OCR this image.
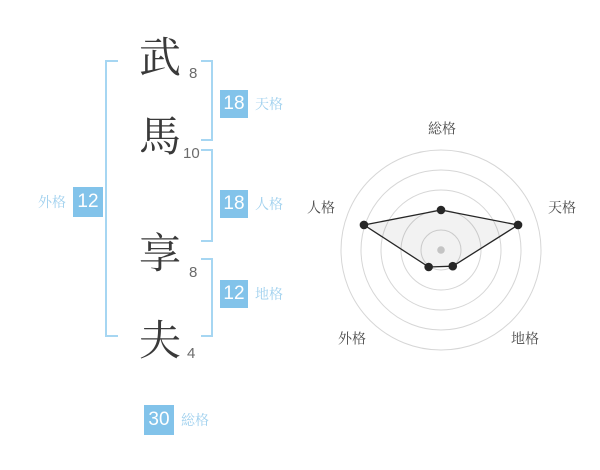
武
馬
享
夫
8
10
8
4
外格 12
18 天格
18 人格
12 地格
30 総格
総格
天格
地格
外格
人格
